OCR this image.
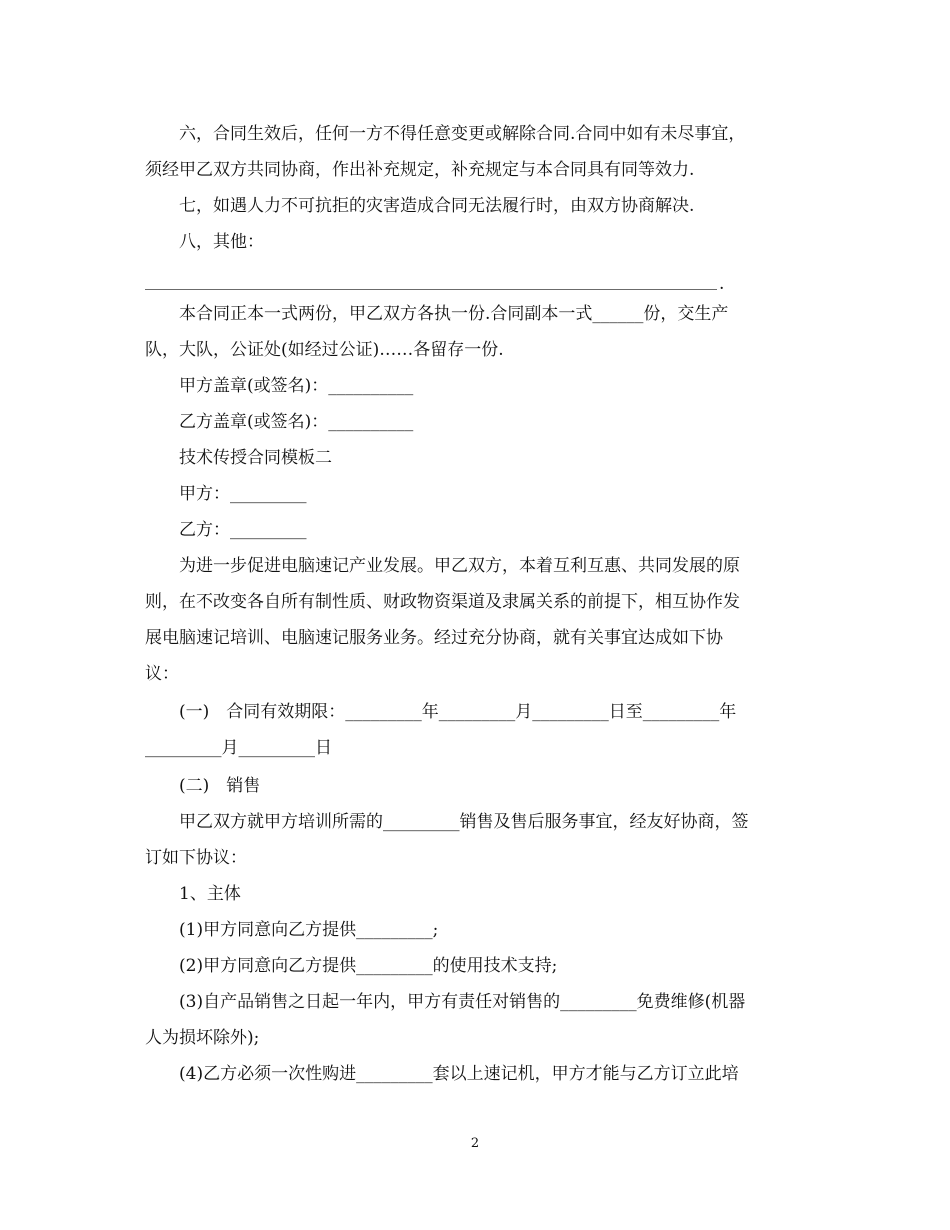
六，合同生效后，任何一方不得任意变更或解除合同.合同中如有未尽事宜，

须经甲乙双方共同协商，作出补充规定，补充规定与本合同具有同等效力.

七，如遇人力不可抗拒的灾害造成合同无法履行时，由双方协商解决.

八，其他：

.

本合同正本一式两份，甲乙双方各执一份.合同副本一式______份，交生产

队，大队，公证处(如经过公证)……各留存一份.

甲方盖章(或签名)：__________

乙方盖章(或签名)：__________

技术传授合同模板二

甲方：_________

乙方：_________

为进一步促进电脑速记产业发展。甲乙双方，本着互利互惠、共同发展的原

则，在不改变各自所有制性质、财政物资渠道及隶属关系的前提下，相互协作发

展电脑速记培训、电脑速记服务业务。经过充分协商，就有关事宜达成如下协

议：

(一)　合同有效期限：_________年_________月_________日至_________年

_________月_________日

(二)　销售

甲乙双方就甲方培训所需的_________销售及售后服务事宜，经友好协商，签

订如下协议：

1、主体

(1)甲方同意向乙方提供_________;

(2)甲方同意向乙方提供_________的使用技术支持;

(3)自产品销售之日起一年内，甲方有责任对销售的_________免费维修(机器

人为损坏除外);

(4)乙方必须一次性购进_________套以上速记机，甲方才能与乙方订立此培

2
